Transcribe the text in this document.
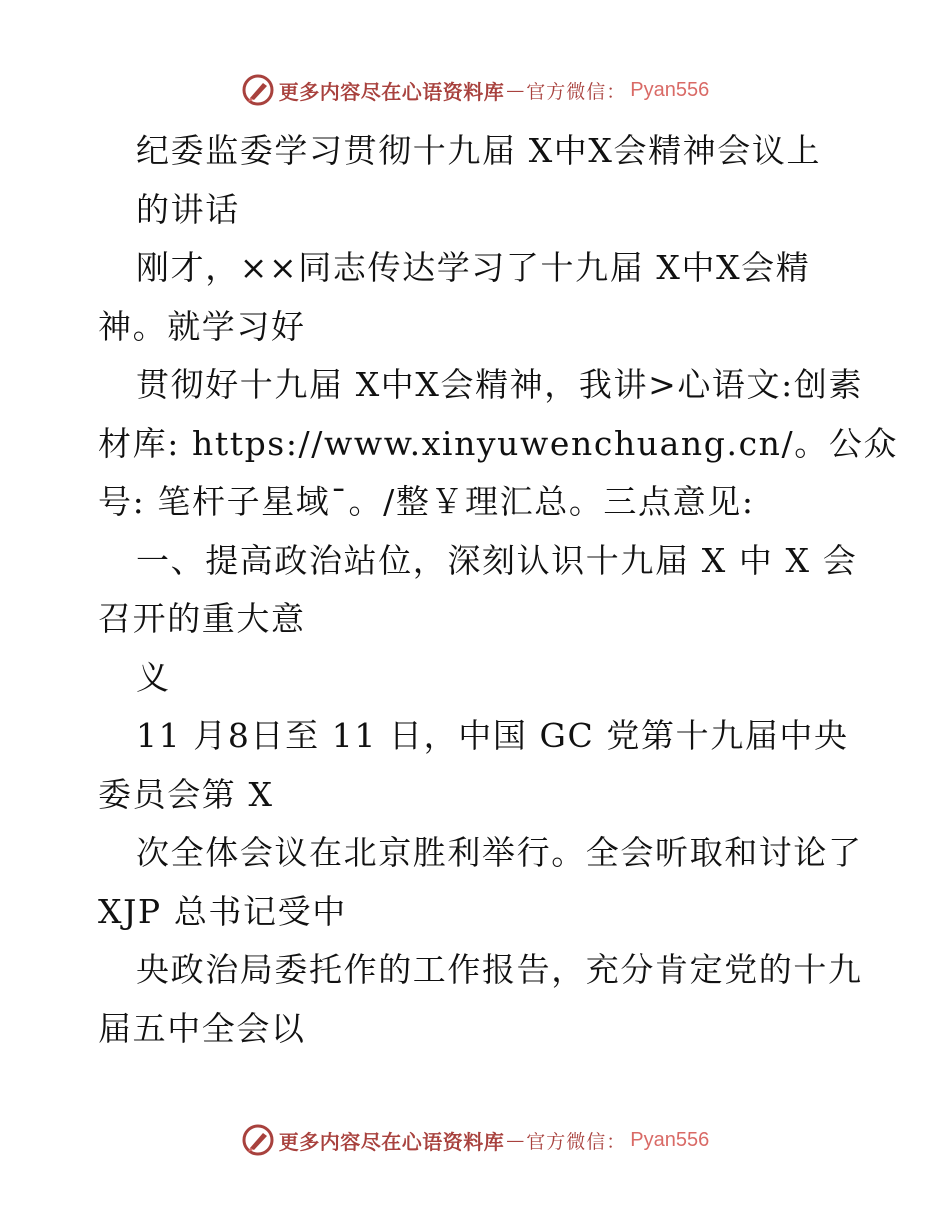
更多内容尽在心语资料库 — 官方微信： Pyan556
纪委监委学习贯彻十九届 X中X会精神会议上
的讲话
刚才，××同志传达学习了十九届 X中X会精
神。就学习好
贯彻好十九届 X中X会精神，我讲>心语文:创素
材库: https://www.xinyuwenchuang.cn/。公众
号: 笔杆子星域¯。/整￥理汇总。三点意见:
一、提高政治站位，深刻认识十九届 X 中 X 会
召开的重大意
义
11 月8日至 11 日，中国 GC 党第十九届中央
委员会第 X
次全体会议在北京胜利举行。全会听取和讨论了
XJP 总书记受中
央政治局委托作的工作报告，充分肯定党的十九
届五中全会以
更多内容尽在心语资料库 — 官方微信： Pyan556
